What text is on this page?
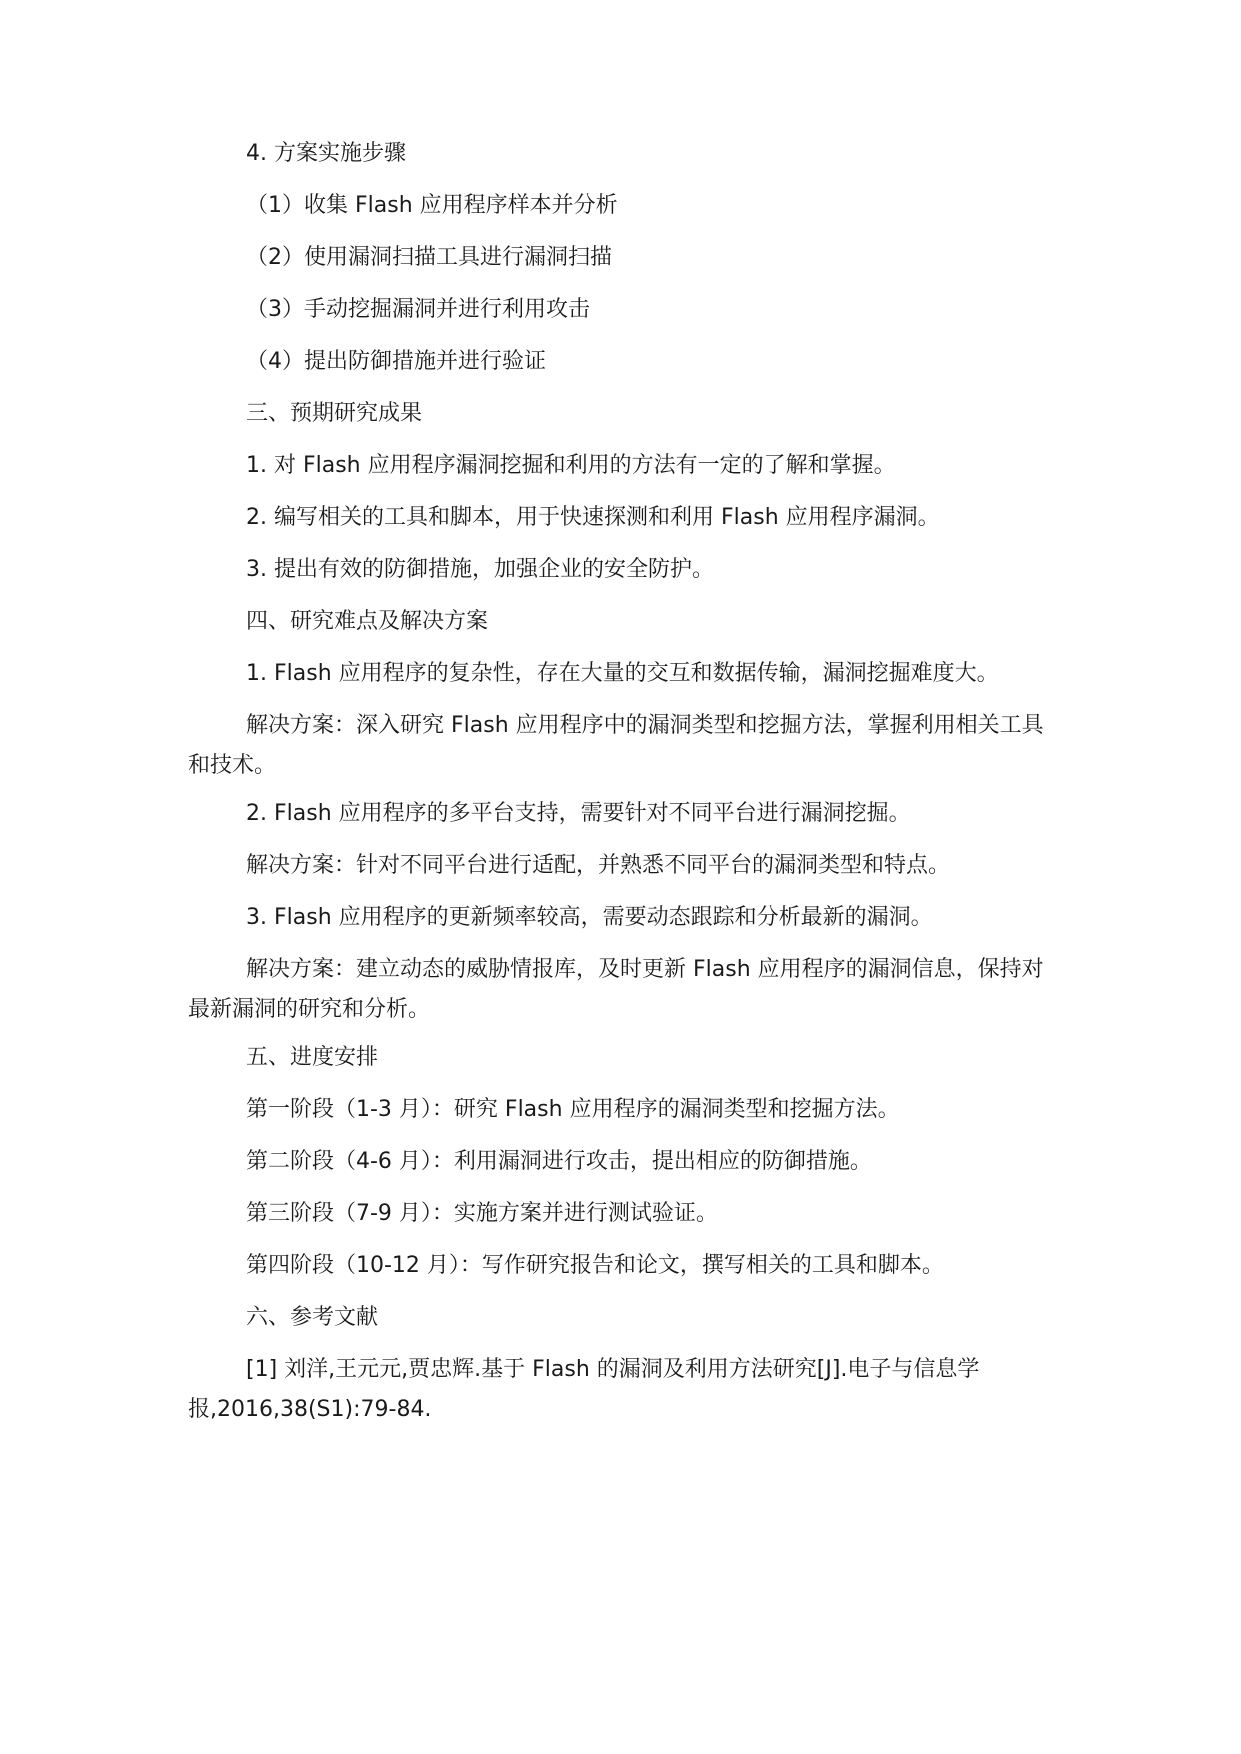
4. 方案实施步骤
（1）收集 Flash 应用程序样本并分析
（2）使用漏洞扫描工具进行漏洞扫描
（3）手动挖掘漏洞并进行利用攻击
（4）提出防御措施并进行验证
三、预期研究成果
1. 对 Flash 应用程序漏洞挖掘和利用的方法有一定的了解和掌握。
2. 编写相关的工具和脚本，用于快速探测和利用 Flash 应用程序漏洞。
3. 提出有效的防御措施，加强企业的安全防护。
四、研究难点及解决方案
1. Flash 应用程序的复杂性，存在大量的交互和数据传输，漏洞挖掘难度大。
解决方案：深入研究 Flash 应用程序中的漏洞类型和挖掘方法，掌握利用相关工具和技术。
2. Flash 应用程序的多平台支持，需要针对不同平台进行漏洞挖掘。
解决方案：针对不同平台进行适配，并熟悉不同平台的漏洞类型和特点。
3. Flash 应用程序的更新频率较高，需要动态跟踪和分析最新的漏洞。
解决方案：建立动态的威胁情报库，及时更新 Flash 应用程序的漏洞信息，保持对最新漏洞的研究和分析。
五、进度安排
第一阶段（1-3 月）：研究 Flash 应用程序的漏洞类型和挖掘方法。
第二阶段（4-6 月）：利用漏洞进行攻击，提出相应的防御措施。
第三阶段（7-9 月）：实施方案并进行测试验证。
第四阶段（10-12 月）：写作研究报告和论文，撰写相关的工具和脚本。
六、参考文献
[1] 刘洋,王元元,贾忠辉.基于 Flash 的漏洞及利用方法研究[J].电子与信息学报,2016,38(S1):79-84.
